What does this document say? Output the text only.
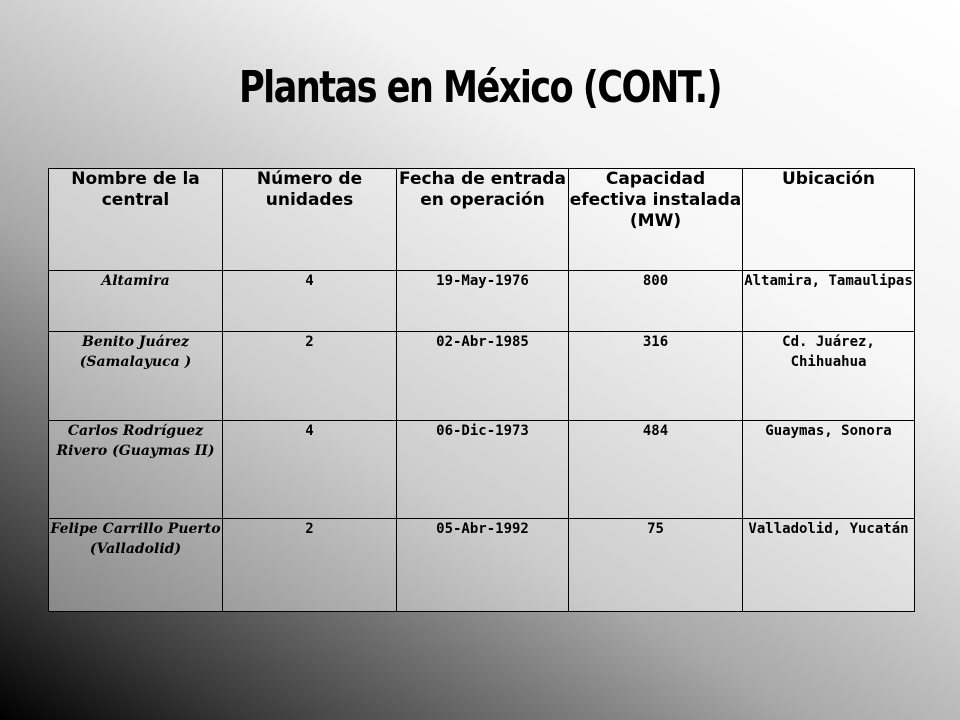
Plantas en México (CONT.)
Nombre de la central	Número de unidades	Fecha de entrada en operación	Capacidad efectiva instalada (MW)	Ubicación
Altamira	4	19-May-1976	800	Altamira, Tamaulipas
Benito Juárez (Samalayuca )	2	02-Abr-1985	316	Cd. Juárez, Chihuahua
Carlos Rodríguez Rivero (Guaymas II)	4	06-Dic-1973	484	Guaymas, Sonora
Felipe Carrillo Puerto (Valladolid)	2	05-Abr-1992	75	Valladolid, Yucatán
